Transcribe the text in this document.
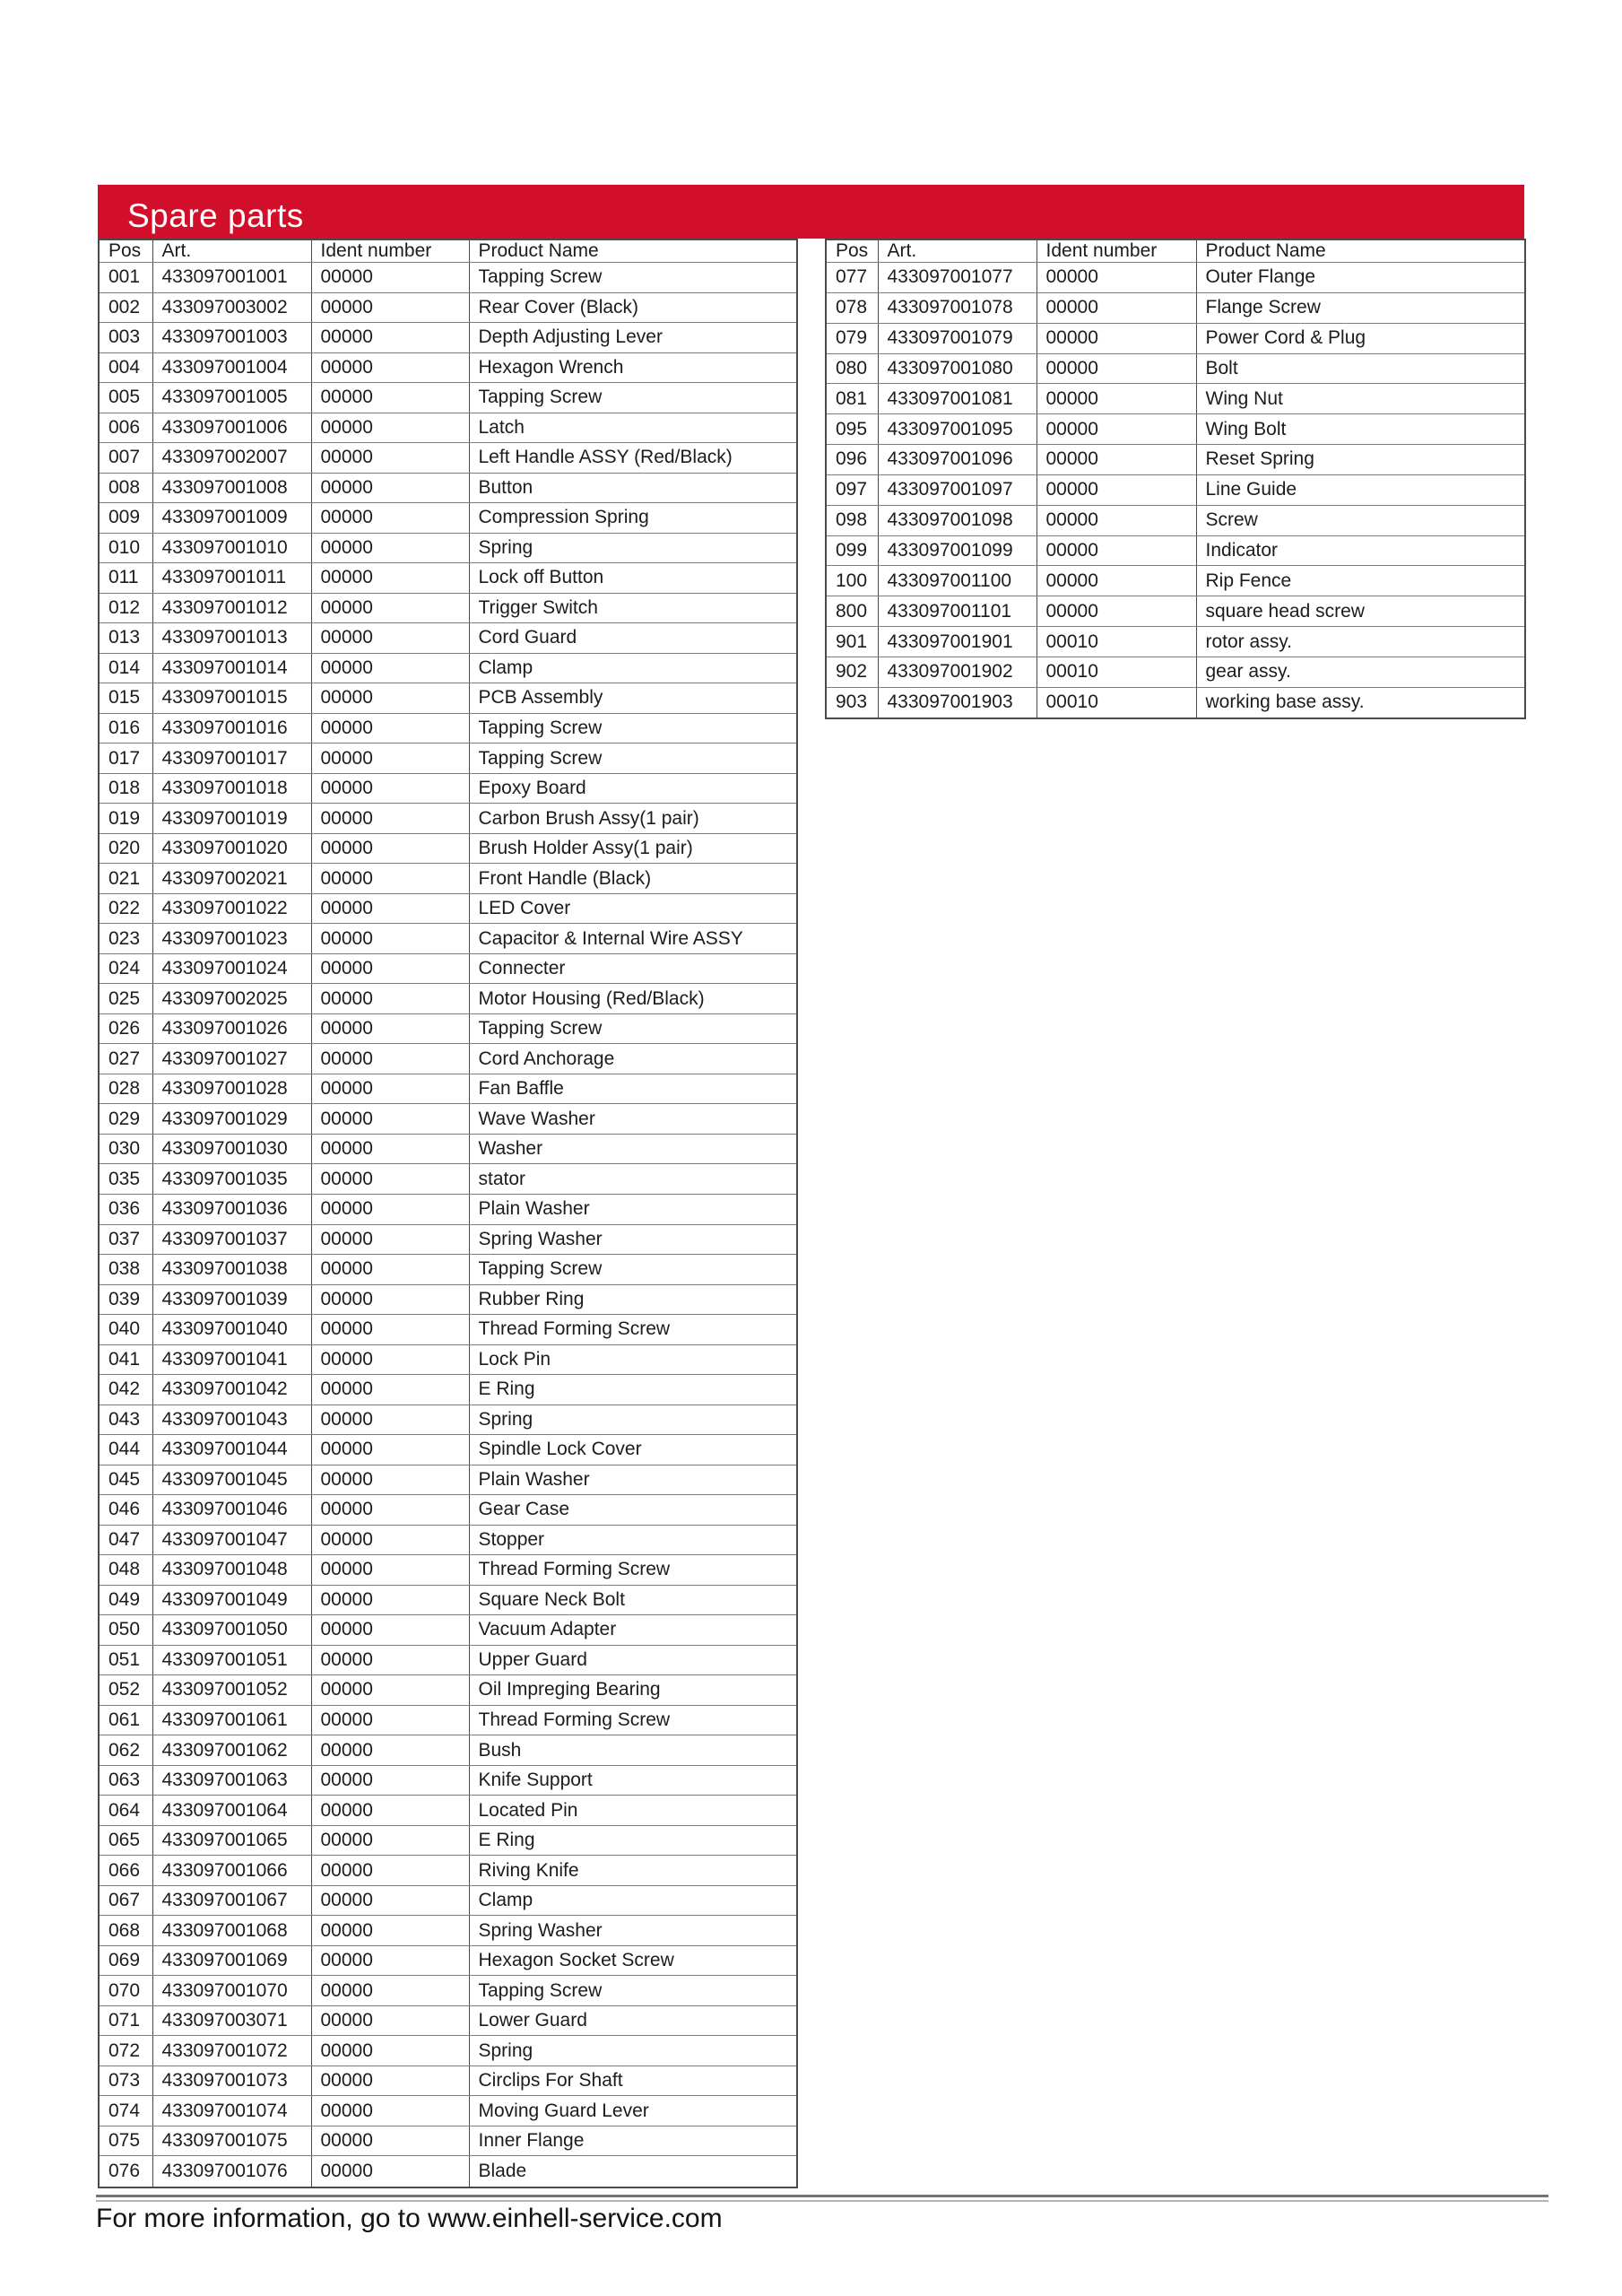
Spare parts
Pos	Art.	Ident number	Product Name
001	433097001001	00000	Tapping Screw
002	433097003002	00000	Rear Cover (Black)
003	433097001003	00000	Depth Adjusting Lever
004	433097001004	00000	Hexagon Wrench
005	433097001005	00000	Tapping Screw
006	433097001006	00000	Latch
007	433097002007	00000	Left Handle ASSY (Red/Black)
008	433097001008	00000	Button
009	433097001009	00000	Compression Spring
010	433097001010	00000	Spring
011	433097001011	00000	Lock off Button
012	433097001012	00000	Trigger Switch
013	433097001013	00000	Cord Guard
014	433097001014	00000	Clamp
015	433097001015	00000	PCB Assembly
016	433097001016	00000	Tapping Screw
017	433097001017	00000	Tapping Screw
018	433097001018	00000	Epoxy Board
019	433097001019	00000	Carbon Brush Assy(1 pair)
020	433097001020	00000	Brush Holder Assy(1 pair)
021	433097002021	00000	Front Handle (Black)
022	433097001022	00000	LED Cover
023	433097001023	00000	Capacitor & Internal Wire ASSY
024	433097001024	00000	Connecter
025	433097002025	00000	Motor Housing (Red/Black)
026	433097001026	00000	Tapping Screw
027	433097001027	00000	Cord Anchorage
028	433097001028	00000	Fan Baffle
029	433097001029	00000	Wave Washer
030	433097001030	00000	Washer
035	433097001035	00000	stator
036	433097001036	00000	Plain Washer
037	433097001037	00000	Spring Washer
038	433097001038	00000	Tapping Screw
039	433097001039	00000	Rubber Ring
040	433097001040	00000	Thread Forming Screw
041	433097001041	00000	Lock Pin
042	433097001042	00000	E Ring
043	433097001043	00000	Spring
044	433097001044	00000	Spindle Lock Cover
045	433097001045	00000	Plain Washer
046	433097001046	00000	Gear Case
047	433097001047	00000	Stopper
048	433097001048	00000	Thread Forming Screw
049	433097001049	00000	Square Neck Bolt
050	433097001050	00000	Vacuum Adapter
051	433097001051	00000	Upper Guard
052	433097001052	00000	Oil Impreging Bearing
061	433097001061	00000	Thread Forming Screw
062	433097001062	00000	Bush
063	433097001063	00000	Knife Support
064	433097001064	00000	Located Pin
065	433097001065	00000	E Ring
066	433097001066	00000	Riving Knife
067	433097001067	00000	Clamp
068	433097001068	00000	Spring Washer
069	433097001069	00000	Hexagon Socket Screw
070	433097001070	00000	Tapping Screw
071	433097003071	00000	Lower Guard
072	433097001072	00000	Spring
073	433097001073	00000	Circlips For Shaft
074	433097001074	00000	Moving Guard Lever
075	433097001075	00000	Inner Flange
076	433097001076	00000	Blade
Pos	Art.	Ident number	Product Name
077	433097001077	00000	Outer Flange
078	433097001078	00000	Flange Screw
079	433097001079	00000	Power Cord & Plug
080	433097001080	00000	Bolt
081	433097001081	00000	Wing Nut
095	433097001095	00000	Wing Bolt
096	433097001096	00000	Reset Spring
097	433097001097	00000	Line Guide
098	433097001098	00000	Screw
099	433097001099	00000	Indicator
100	433097001100	00000	Rip Fence
800	433097001101	00000	square head screw
901	433097001901	00010	rotor assy.
902	433097001902	00010	gear assy.
903	433097001903	00010	working base assy.
For more information, go to www.einhell-service.com
